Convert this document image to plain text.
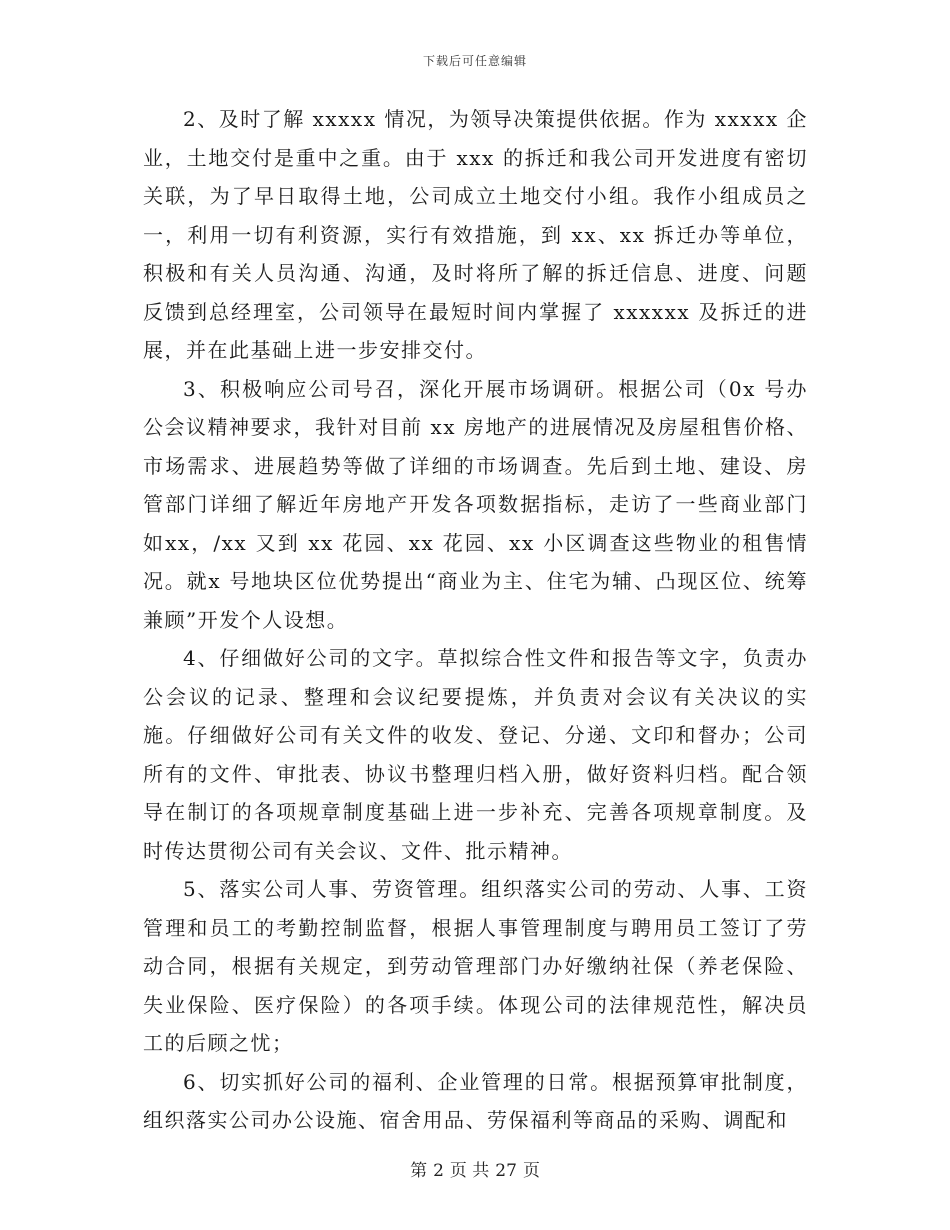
下载后可任意编辑

2、及时了解 xxxxx 情况，为领导决策提供依据。作为 xxxxx 企业，土地交付是重中之重。由于 xxx 的拆迁和我公司开发进度有密切关联，为了早日取得土地，公司成立土地交付小组。我作小组成员之一，利用一切有利资源，实行有效措施，到 xx、xx 拆迁办等单位，积极和有关人员沟通、沟通，及时将所了解的拆迁信息、进度、问题反馈到总经理室，公司领导在最短时间内掌握了 xxxxxx 及拆迁的进展，并在此基础上进一步安排交付。

3、积极响应公司号召，深化开展市场调研。根据公司（0x 号办公会议精神要求，我针对目前 xx 房地产的进展情况及房屋租售价格、市场需求、进展趋势等做了详细的市场调查。先后到土地、建设、房管部门详细了解近年房地产开发各项数据指标，走访了一些商业部门如xx，/xx 又到 xx 花园、xx 花园、xx 小区调查这些物业的租售情况。就x 号地块区位优势提出“商业为主、住宅为辅、凸现区位、统筹兼顾”开发个人设想。

4、仔细做好公司的文字。草拟综合性文件和报告等文字，负责办公会议的记录、整理和会议纪要提炼，并负责对会议有关决议的实施。仔细做好公司有关文件的收发、登记、分递、文印和督办；公司所有的文件、审批表、协议书整理归档入册，做好资料归档。配合领导在制订的各项规章制度基础上进一步补充、完善各项规章制度。及时传达贯彻公司有关会议、文件、批示精神。

5、落实公司人事、劳资管理。组织落实公司的劳动、人事、工资管理和员工的考勤控制监督，根据人事管理制度与聘用员工签订了劳动合同，根据有关规定，到劳动管理部门办好缴纳社保（养老保险、失业保险、医疗保险）的各项手续。体现公司的法律规范性，解决员工的后顾之忧；

6、切实抓好公司的福利、企业管理的日常。根据预算审批制度，组织落实公司办公设施、宿舍用品、劳保福利等商品的采购、调配和

第 2 页 共 27 页
